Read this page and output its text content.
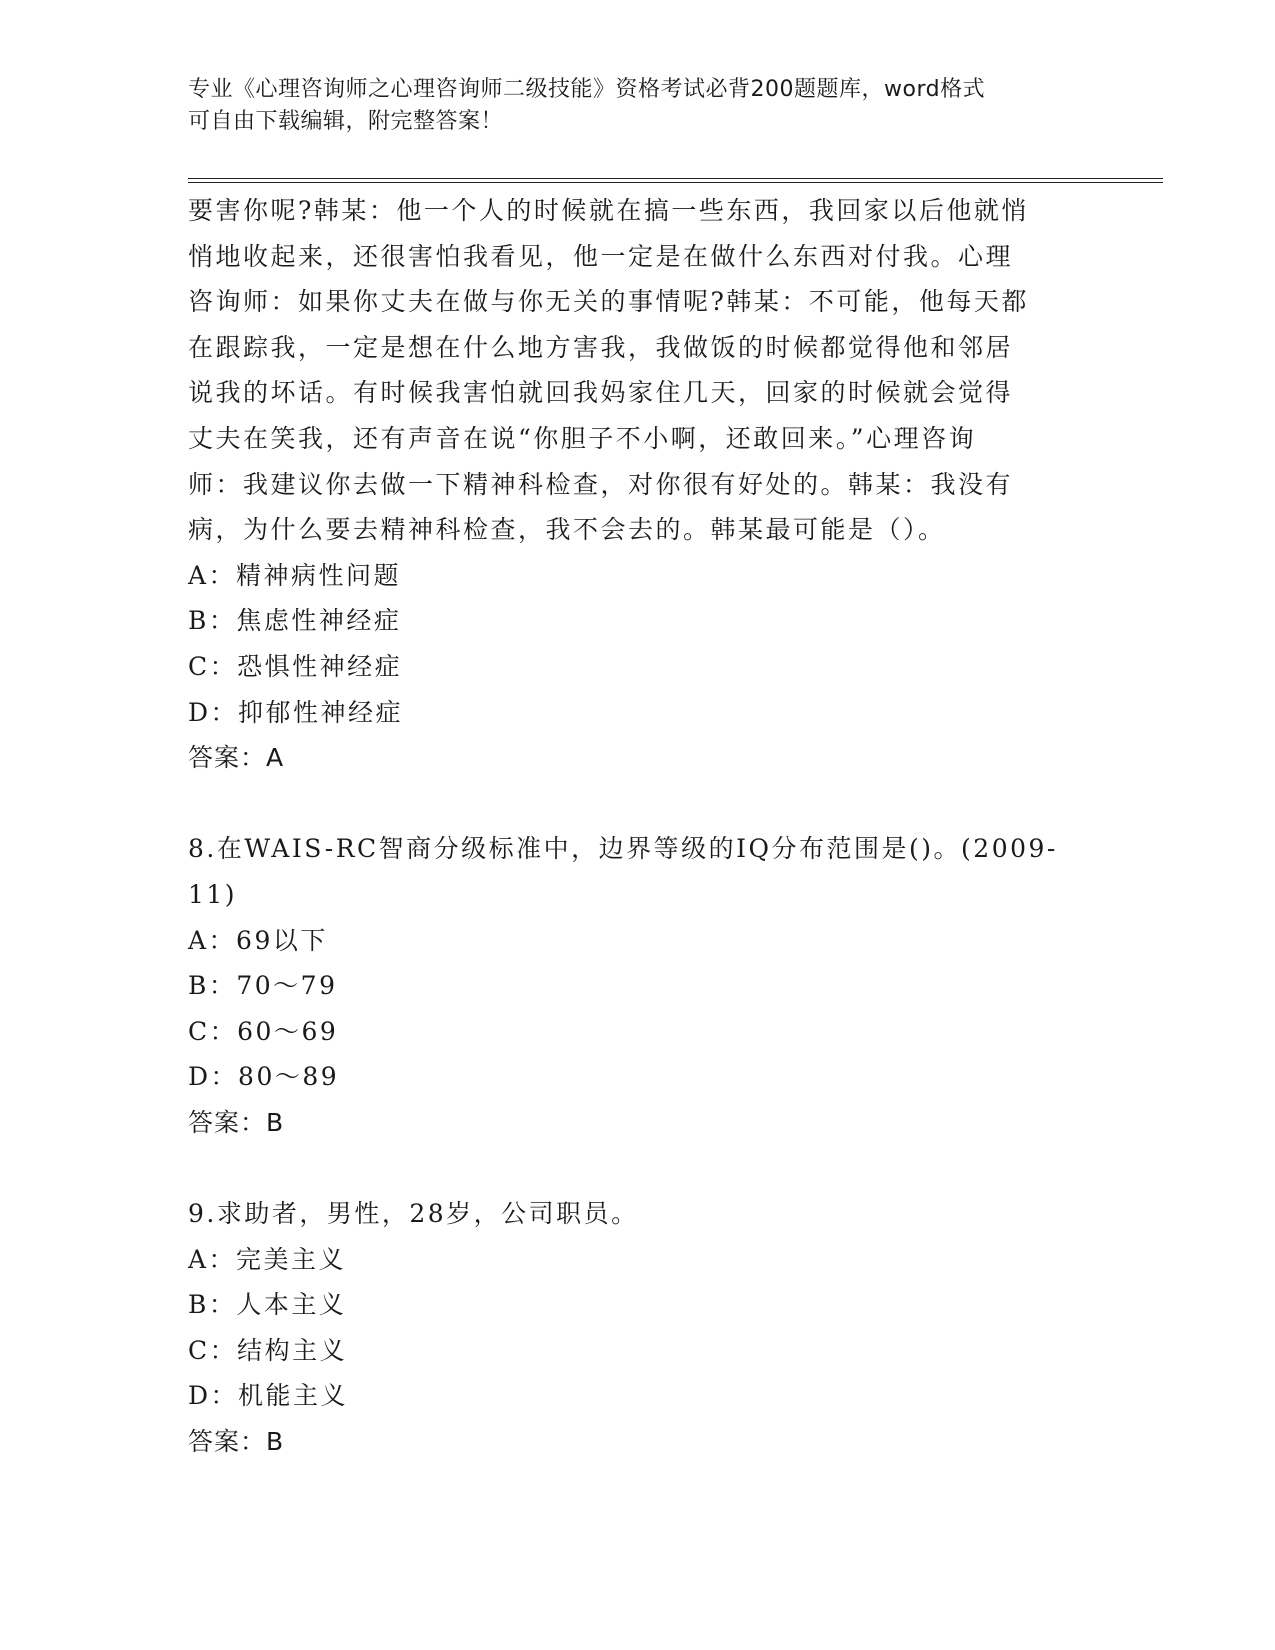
专业《心理咨询师之心理咨询师二级技能》资格考试必背200题题库，word格式
可自由下载编辑，附完整答案！

要害你呢?韩某：他一个人的时候就在搞一些东西，我回家以后他就悄

悄地收起来，还很害怕我看见，他一定是在做什么东西对付我。心理

咨询师：如果你丈夫在做与你无关的事情呢?韩某：不可能，他每天都

在跟踪我，一定是想在什么地方害我，我做饭的时候都觉得他和邻居

说我的坏话。有时候我害怕就回我妈家住几天，回家的时候就会觉得

丈夫在笑我，还有声音在说“你胆子不小啊，还敢回来。”心理咨询

师：我建议你去做一下精神科检查，对你很有好处的。韩某：我没有

病，为什么要去精神科检查，我不会去的。韩某最可能是（）。

A：精神病性问题

B：焦虑性神经症

C：恐惧性神经症

D：抑郁性神经症

答案：A

8.在WAIS-RC智商分级标准中，边界等级的IQ分布范围是()。(2009-

11)

A：69以下

B：70～79

C：60～69

D：80～89

答案：B

9.求助者，男性，28岁，公司职员。

A：完美主义

B：人本主义

C：结构主义

D：机能主义

答案：B
